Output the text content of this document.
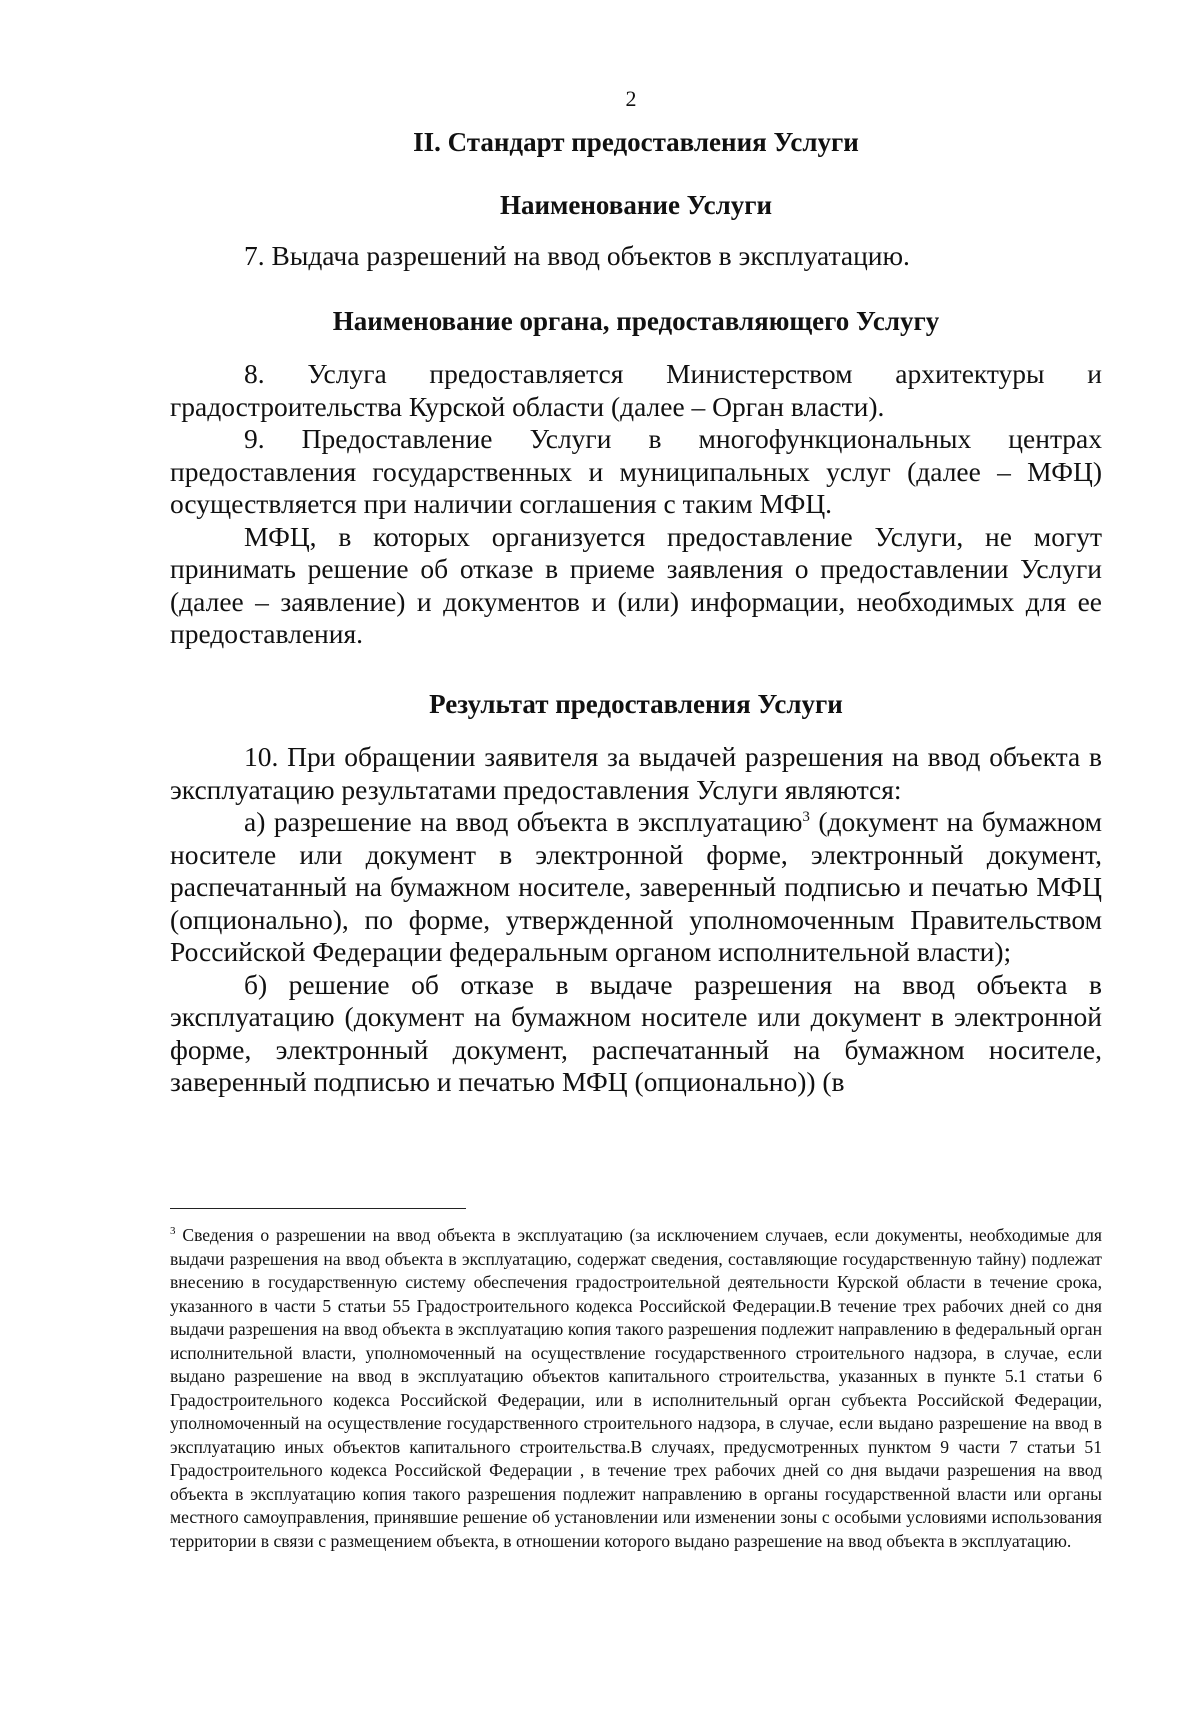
2
II. Стандарт предоставления Услуги
Наименование Услуги

7. Выдача разрешений на ввод объектов в эксплуатацию.

Наименование органа, предоставляющего Услугу

8. Услуга предоставляется Министерством архитектуры и градостроительства Курской области (далее – Орган власти).

9. Предоставление Услуги в многофункциональных центрах предоставления государственных и муниципальных услуг (далее – МФЦ) осуществляется при наличии соглашения с таким МФЦ.

МФЦ, в которых организуется предоставление Услуги, не могут принимать решение об отказе в приеме заявления о предоставлении Услуги (далее – заявление) и документов и (или) информации, необходимых для ее предоставления.

Результат предоставления Услуги

10. При обращении заявителя за выдачей разрешения на ввод объекта в эксплуатацию результатами предоставления Услуги являются:

а) разрешение на ввод объекта в эксплуатацию$^3$ (документ на бумажном носителе или документ в электронной форме, электронный документ, распечатанный на бумажном носителе, заверенный подписью и печатью МФЦ (опционально), по форме, утвержденной уполномоченным Правительством Российской Федерации федеральным органом исполнительной власти);

б) решение об отказе в выдаче разрешения на ввод объекта в эксплуатацию (документ на бумажном носителе или документ в электронной форме, электронный документ, распечатанный на бумажном носителе, заверенный подписью и печатью МФЦ (опционально)) (в

$^3$ Сведения о разрешении на ввод объекта в эксплуатацию (за исключением случаев, если документы, необходимые для выдачи разрешения на ввод объекта в эксплуатацию, содержат сведения, составляющие государственную тайну) подлежат внесению в государственную систему обеспечения градостроительной деятельности Курской области в течение срока, указанного в части 5 статьи 55 Градостроительного кодекса Российской Федерации.В течение трех рабочих дней со дня выдачи разрешения на ввод объекта в эксплуатацию копия такого разрешения подлежит направлению в федеральный орган исполнительной власти, уполномоченный на осуществление государственного строительного надзора, в случае, если выдано разрешение на ввод в эксплуатацию объектов капитального строительства, указанных в пункте 5.1 статьи 6 Градостроительного кодекса Российской Федерации, или в исполнительный орган субъекта Российской Федерации, уполномоченный на осуществление государственного строительного надзора, в случае, если выдано разрешение на ввод в эксплуатацию иных объектов капитального строительства.В случаях, предусмотренных пунктом 9 части 7 статьи 51 Градостроительного кодекса Российской Федерации , в течение трех рабочих дней со дня выдачи разрешения на ввод объекта в эксплуатацию копия такого разрешения подлежит направлению в органы государственной власти или органы местного самоуправления, принявшие решение об установлении или изменении зоны с особыми условиями использования территории в связи с размещением объекта, в отношении которого выдано разрешение на ввод объекта в эксплуатацию.
